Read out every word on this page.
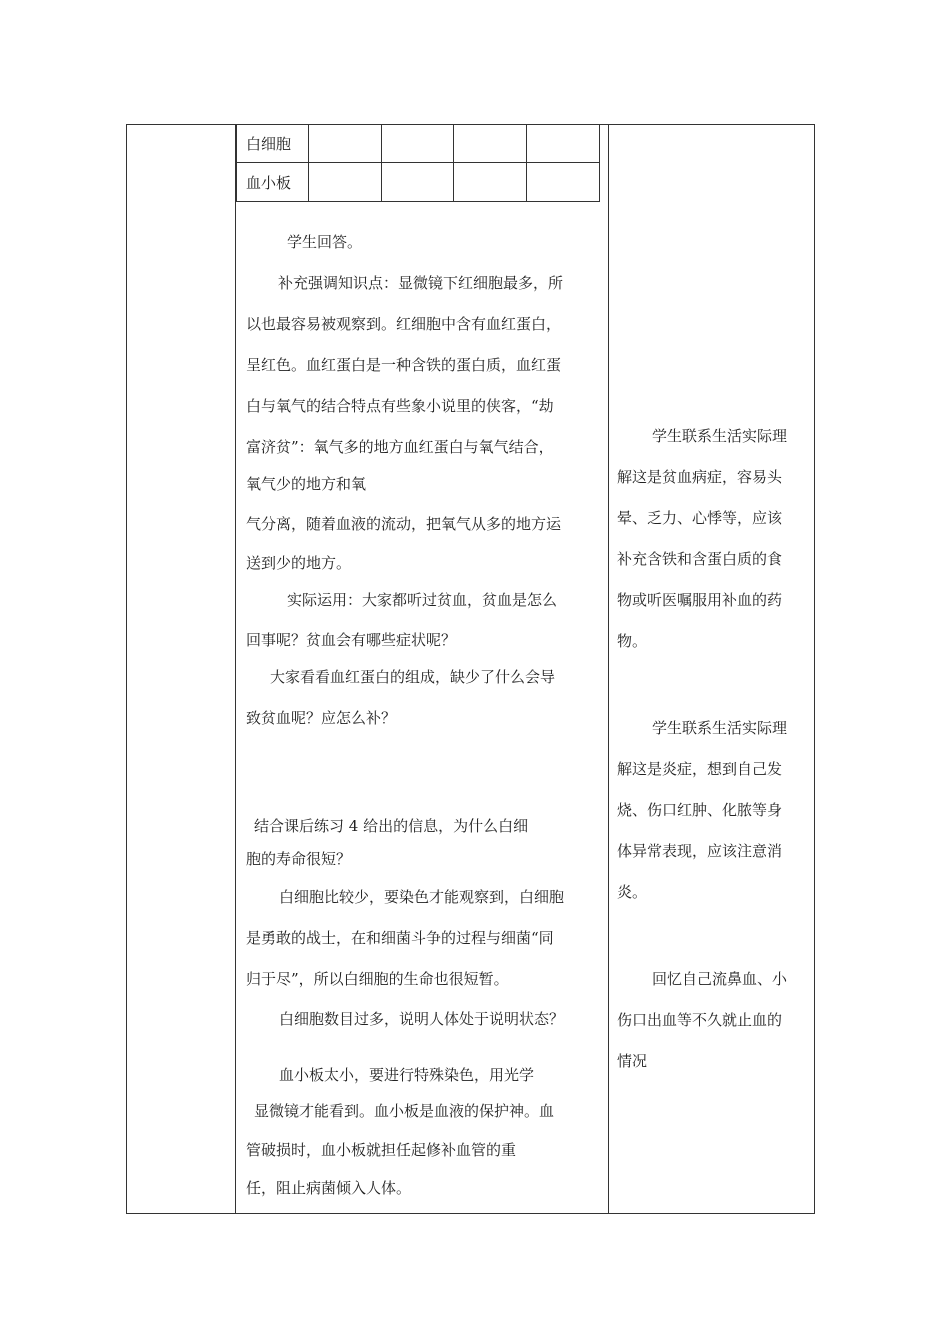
白细胞				
血小板				
学生回答。
补充强调知识点：显微镜下红细胞最多，所
以也最容易被观察到。红细胞中含有血红蛋白，
呈红色。血红蛋白是一种含铁的蛋白质，血红蛋
白与氧气的结合特点有些象小说里的侠客，“劫
富济贫”：氧气多的地方血红蛋白与氧气结合，
氧气少的地方和氧
气分离，随着血液的流动，把氧气从多的地方运
送到少的地方。
实际运用：大家都听过贫血，贫血是怎么
回事呢？贫血会有哪些症状呢？
大家看看血红蛋白的组成，缺少了什么会导
致贫血呢？应怎么补？
结合课后练习 4 给出的信息，为什么白细
胞的寿命很短？
白细胞比较少，要染色才能观察到，白细胞
是勇敢的战士，在和细菌斗争的过程与细菌“同
归于尽”，所以白细胞的生命也很短暂。
白细胞数目过多，说明人体处于说明状态？
血小板太小，要进行特殊染色，用光学
显微镜才能看到。血小板是血液的保护神。血
管破损时，血小板就担任起修补血管的重
任，阻止病菌倾入人体。
学生联系生活实际理
解这是贫血病症，容易头
晕、乏力、心悸等，应该
补充含铁和含蛋白质的食
物或听医嘱服用补血的药
物。
学生联系生活实际理
解这是炎症，想到自己发
烧、伤口红肿、化脓等身
体异常表现，应该注意消
炎。
回忆自己流鼻血、小
伤口出血等不久就止血的
情况
